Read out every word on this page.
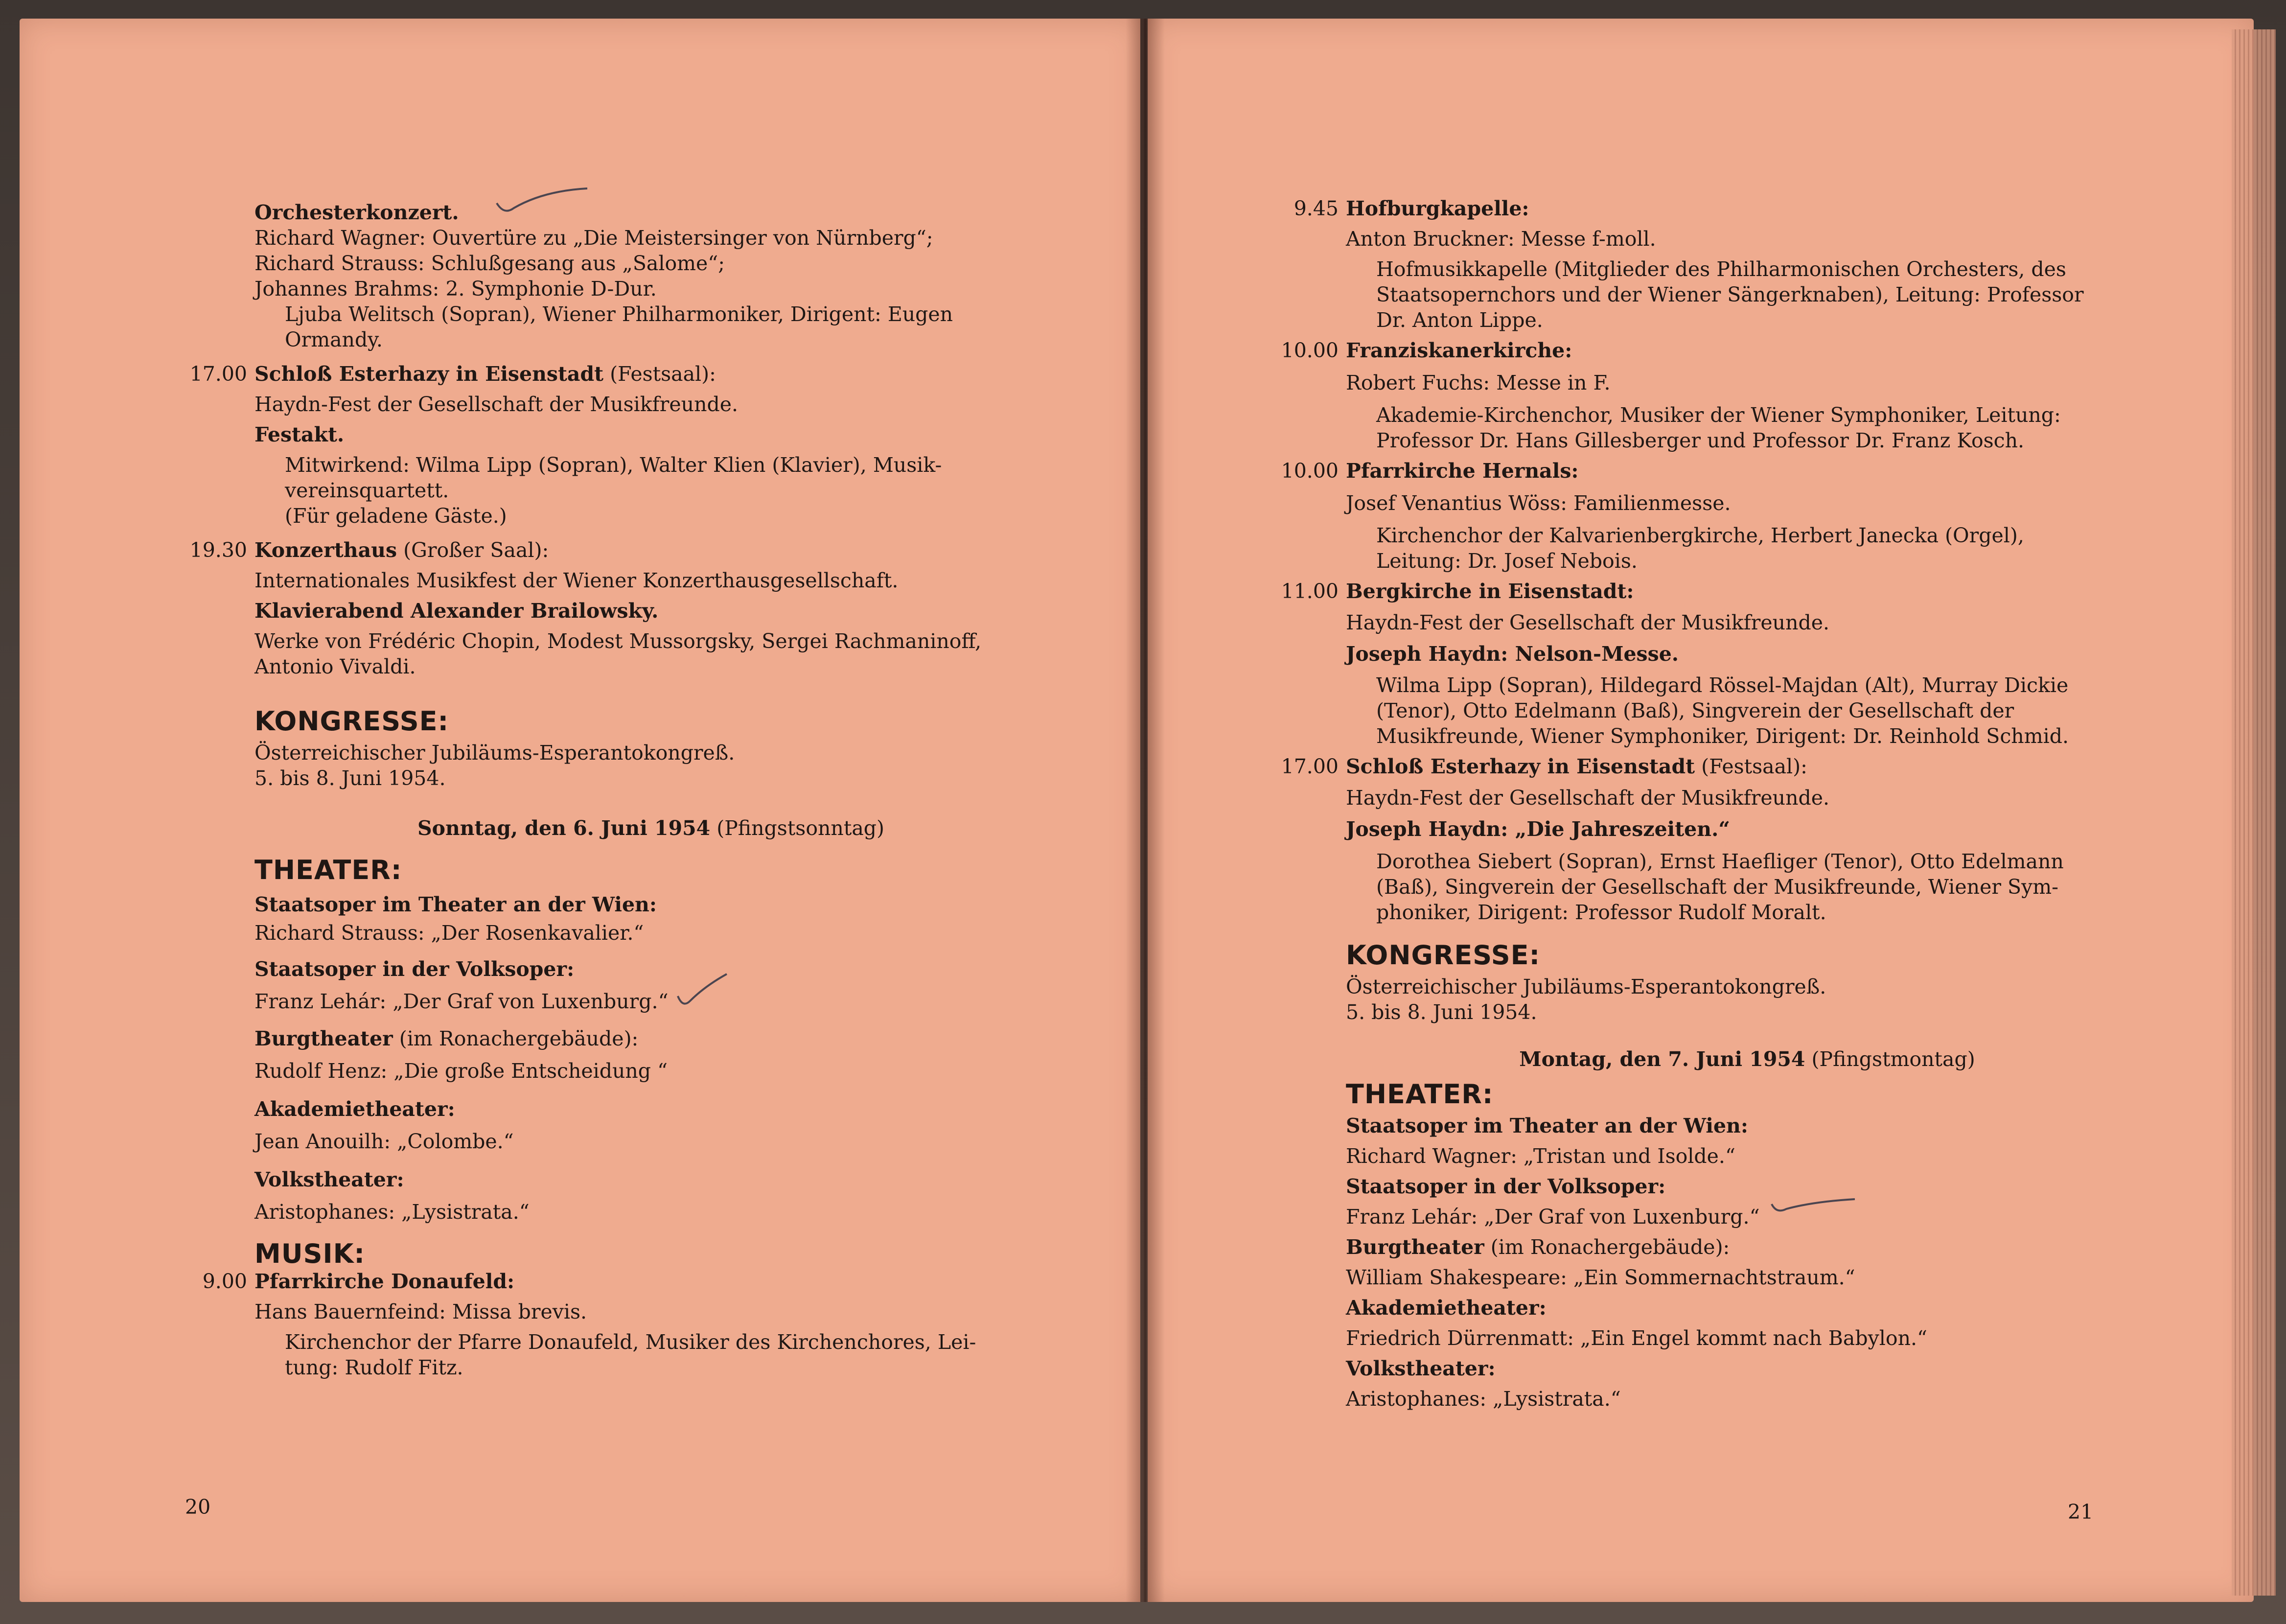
Orchesterkonzert.
Richard Wagner: Ouvertüre zu „Die Meistersinger von Nürnberg“;
Richard Strauss: Schlußgesang aus „Salome“;
Johannes Brahms: 2. Symphonie D-Dur.
Ljuba Welitsch (Sopran), Wiener Philharmoniker, Dirigent: Eugen
Ormandy.
17.00 Schloß Esterhazy in Eisenstadt (Festsaal):
Haydn-Fest der Gesellschaft der Musikfreunde.
Festakt.
Mitwirkend: Wilma Lipp (Sopran), Walter Klien (Klavier), Musik-
vereinsquartett.
(Für geladene Gäste.)
19.30 Konzerthaus (Großer Saal):
Internationales Musikfest der Wiener Konzerthausgesellschaft.
Klavierabend Alexander Brailowsky.
Werke von Frédéric Chopin, Modest Mussorgsky, Sergei Rachmaninoff,
Antonio Vivaldi.
KONGRESSE:
Österreichischer Jubiläums-Esperantokongreß.
5. bis 8. Juni 1954.
Sonntag, den 6. Juni 1954 (Pfingstsonntag)
THEATER:
Staatsoper im Theater an der Wien:
Richard Strauss: „Der Rosenkavalier.“
Staatsoper in der Volksoper:
Franz Lehár: „Der Graf von Luxenburg.“
Burgtheater (im Ronachergebäude):
Rudolf Henz: „Die große Entscheidung “
Akademietheater:
Jean Anouilh: „Colombe.“
Volkstheater:
Aristophanes: „Lysistrata.“
MUSIK:
9.00 Pfarrkirche Donaufeld:
Hans Bauernfeind: Missa brevis.
Kirchenchor der Pfarre Donaufeld, Musiker des Kirchenchores, Lei-
tung: Rudolf Fitz.
20
9.45 Hofburgkapelle:
Anton Bruckner: Messe f-moll.
Hofmusikkapelle (Mitglieder des Philharmonischen Orchesters, des
Staatsopernchors und der Wiener Sängerknaben), Leitung: Professor
Dr. Anton Lippe.
10.00 Franziskanerkirche:
Robert Fuchs: Messe in F.
Akademie-Kirchenchor, Musiker der Wiener Symphoniker, Leitung:
Professor Dr. Hans Gillesberger und Professor Dr. Franz Kosch.
10.00 Pfarrkirche Hernals:
Josef Venantius Wöss: Familienmesse.
Kirchenchor der Kalvarienbergkirche, Herbert Janecka (Orgel),
Leitung: Dr. Josef Nebois.
11.00 Bergkirche in Eisenstadt:
Haydn-Fest der Gesellschaft der Musikfreunde.
Joseph Haydn: Nelson-Messe.
Wilma Lipp (Sopran), Hildegard Rössel-Majdan (Alt), Murray Dickie
(Tenor), Otto Edelmann (Baß), Singverein der Gesellschaft der
Musikfreunde, Wiener Symphoniker, Dirigent: Dr. Reinhold Schmid.
17.00 Schloß Esterhazy in Eisenstadt (Festsaal):
Haydn-Fest der Gesellschaft der Musikfreunde.
Joseph Haydn: „Die Jahreszeiten.“
Dorothea Siebert (Sopran), Ernst Haefliger (Tenor), Otto Edelmann
(Baß), Singverein der Gesellschaft der Musikfreunde, Wiener Sym-
phoniker, Dirigent: Professor Rudolf Moralt.
KONGRESSE:
Österreichischer Jubiläums-Esperantokongreß.
5. bis 8. Juni 1954.
Montag, den 7. Juni 1954 (Pfingstmontag)
THEATER:
Staatsoper im Theater an der Wien:
Richard Wagner: „Tristan und Isolde.“
Staatsoper in der Volksoper:
Franz Lehár: „Der Graf von Luxenburg.“
Burgtheater (im Ronachergebäude):
William Shakespeare: „Ein Sommernachtstraum.“
Akademietheater:
Friedrich Dürrenmatt: „Ein Engel kommt nach Babylon.“
Volkstheater:
Aristophanes: „Lysistrata.“
21
